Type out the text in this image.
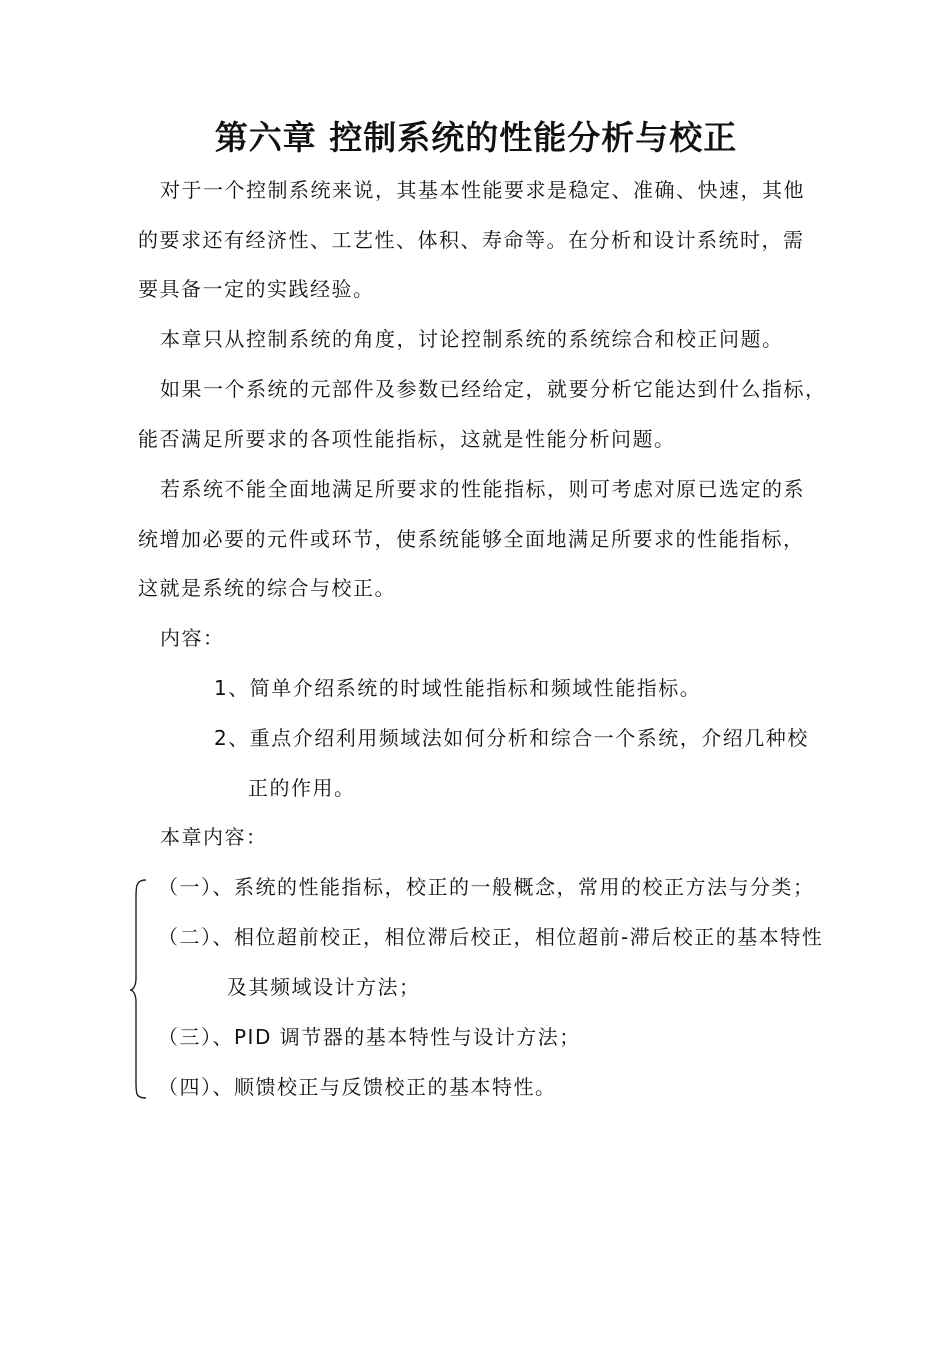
第六章 控制系统的性能分析与校正
对于一个控制系统来说，其基本性能要求是稳定、准确、快速，其他
的要求还有经济性、工艺性、体积、寿命等。在分析和设计系统时，需
要具备一定的实践经验。
本章只从控制系统的角度，讨论控制系统的系统综合和校正问题。
如果一个系统的元部件及参数已经给定，就要分析它能达到什么指标，
能否满足所要求的各项性能指标，这就是性能分析问题。
若系统不能全面地满足所要求的性能指标，则可考虑对原已选定的系
统增加必要的元件或环节，使系统能够全面地满足所要求的性能指标，
这就是系统的综合与校正。
内容：
1、简单介绍系统的时域性能指标和频域性能指标。
2、重点介绍利用频域法如何分析和综合一个系统，介绍几种校
正的作用。
本章内容：
（一）、系统的性能指标，校正的一般概念，常用的校正方法与分类；
（二）、相位超前校正，相位滞后校正，相位超前-滞后校正的基本特性
及其频域设计方法；
（三）、PID 调节器的基本特性与设计方法；
（四）、顺馈校正与反馈校正的基本特性。
